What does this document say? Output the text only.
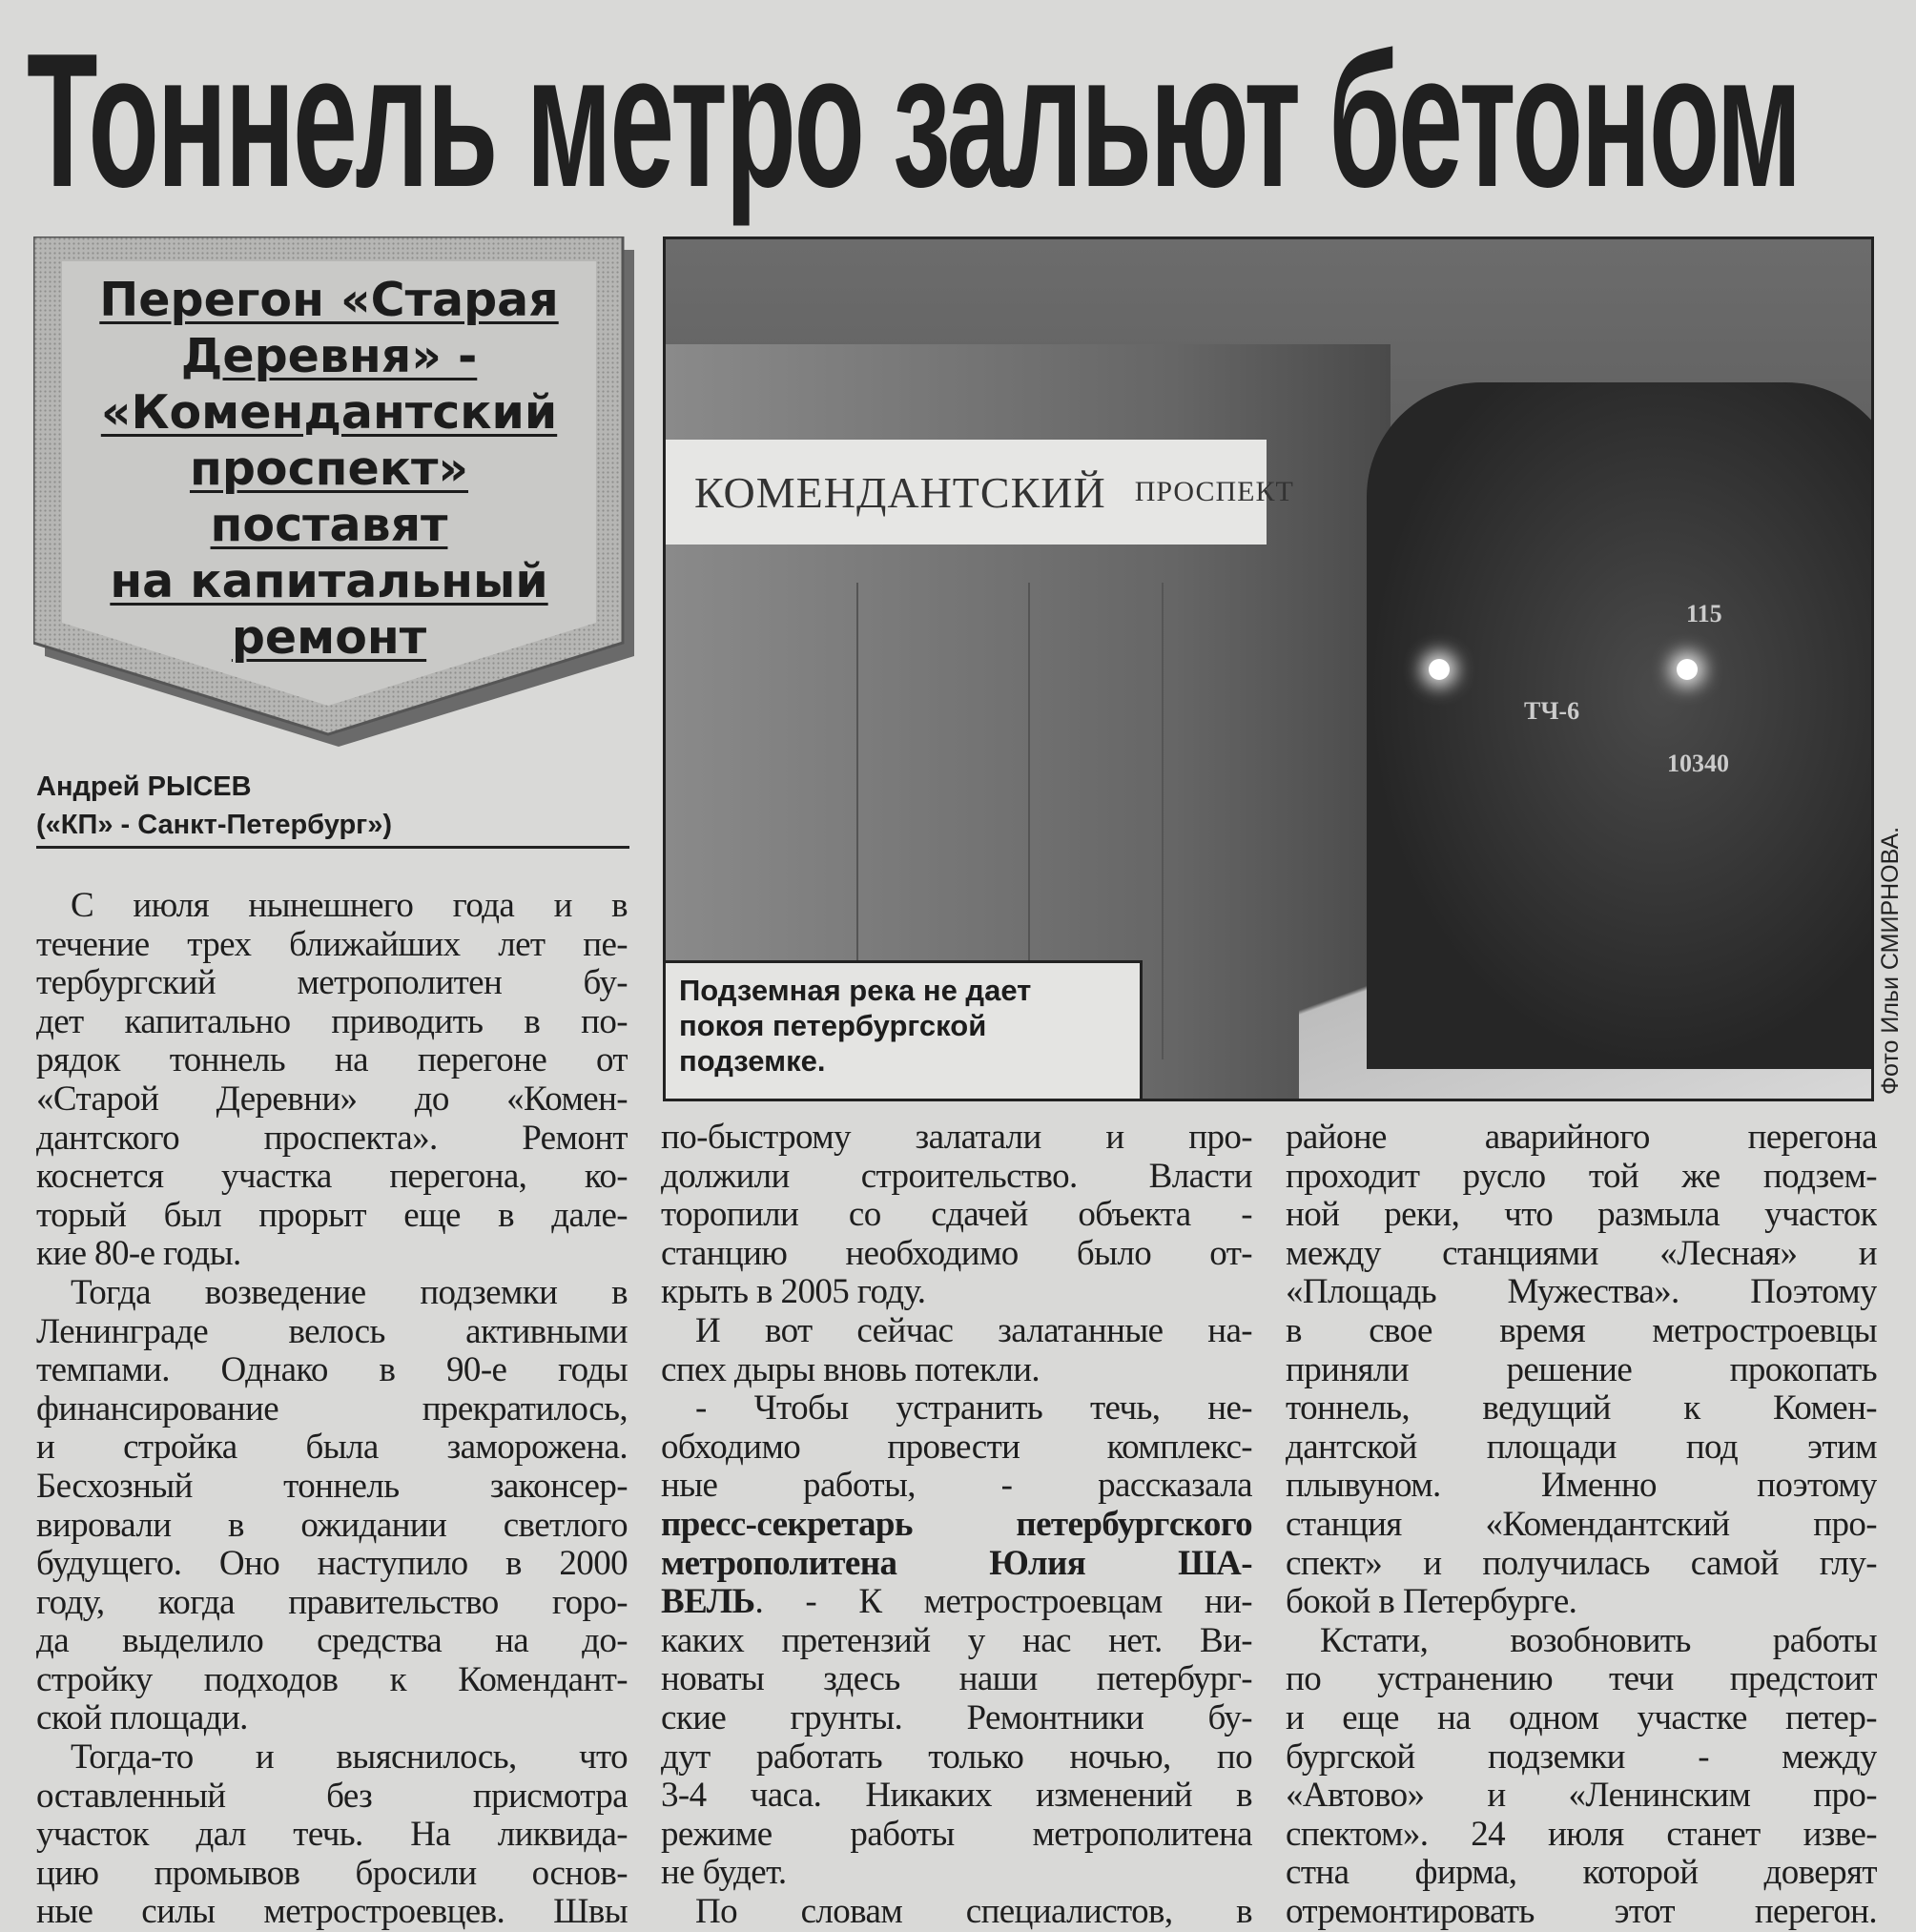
Тоннель метро зальют бетоном
Перегон «Старая
Деревня» -
«Комендантский
проспект»
поставят
на капитальный
ремонт
Андрей РЫСЕВ
(«КП» - Санкт-Петербург»)
КОМЕНДАНТСКИЙ ПРОСПЕКТ
115
ТЧ-6
10340
Подземная река не дает
покоя петербургской
подземке.	Фото Ильи СМИРНОВА.
С июля нынешнего года и в
течение трех ближайших лет пе-
тербургский метрополитен бу-
дет капитально приводить в по-
рядок тоннель на перегоне от
«Старой Деревни» до «Комен-
дантского проспекта». Ремонт
коснется участка перегона, ко-
торый был прорыт еще в дале-
кие 80-е годы.
Тогда возведение подземки в
Ленинграде велось активными
темпами. Однако в 90-е годы
финансирование прекратилось,
и стройка была заморожена.
Бесхозный тоннель законсер-
вировали в ожидании светлого
будущего. Оно наступило в 2000
году, когда правительство горо-
да выделило средства на до-
стройку подходов к Комендант-
ской площади.
Тогда-то и выяснилось, что
оставленный без присмотра
участок дал течь. На ликвида-
цию промывов бросили основ-
ные силы метростроевцев. Швы
по-быстрому залатали и про-
должили строительство. Власти
торопили со сдачей объекта -
станцию необходимо было от-
крыть в 2005 году.
И вот сейчас залатанные на-
спех дыры вновь потекли.
- Чтобы устранить течь, не-
обходимо провести комплекс-
ные работы, - рассказала
пресс-секретарь петербургского
метрополитена Юлия ША-
ВЕЛЬ. - К метростроевцам ни-
каких претензий у нас нет. Ви-
новаты здесь наши петербург-
ские грунты. Ремонтники бу-
дут работать только ночью, по
3-4 часа. Никаких изменений в
режиме работы метрополитена
не будет.
По словам специалистов, в
районе аварийного перегона
проходит русло той же подзем-
ной реки, что размыла участок
между станциями «Лесная» и
«Площадь Мужества». Поэтому
в свое время метростроевцы
приняли решение прокопать
тоннель, ведущий к Комен-
дантской площади под этим
плывуном. Именно поэтому
станция «Комендантский про-
спект» и получилась самой глу-
бокой в Петербурге.
Кстати, возобновить работы
по устранению течи предстоит
и еще на одном участке петер-
бургской подземки - между
«Автово» и «Ленинским про-
спектом». 24 июля станет изве-
стна фирма, которой доверят
отремонтировать этот перегон.
